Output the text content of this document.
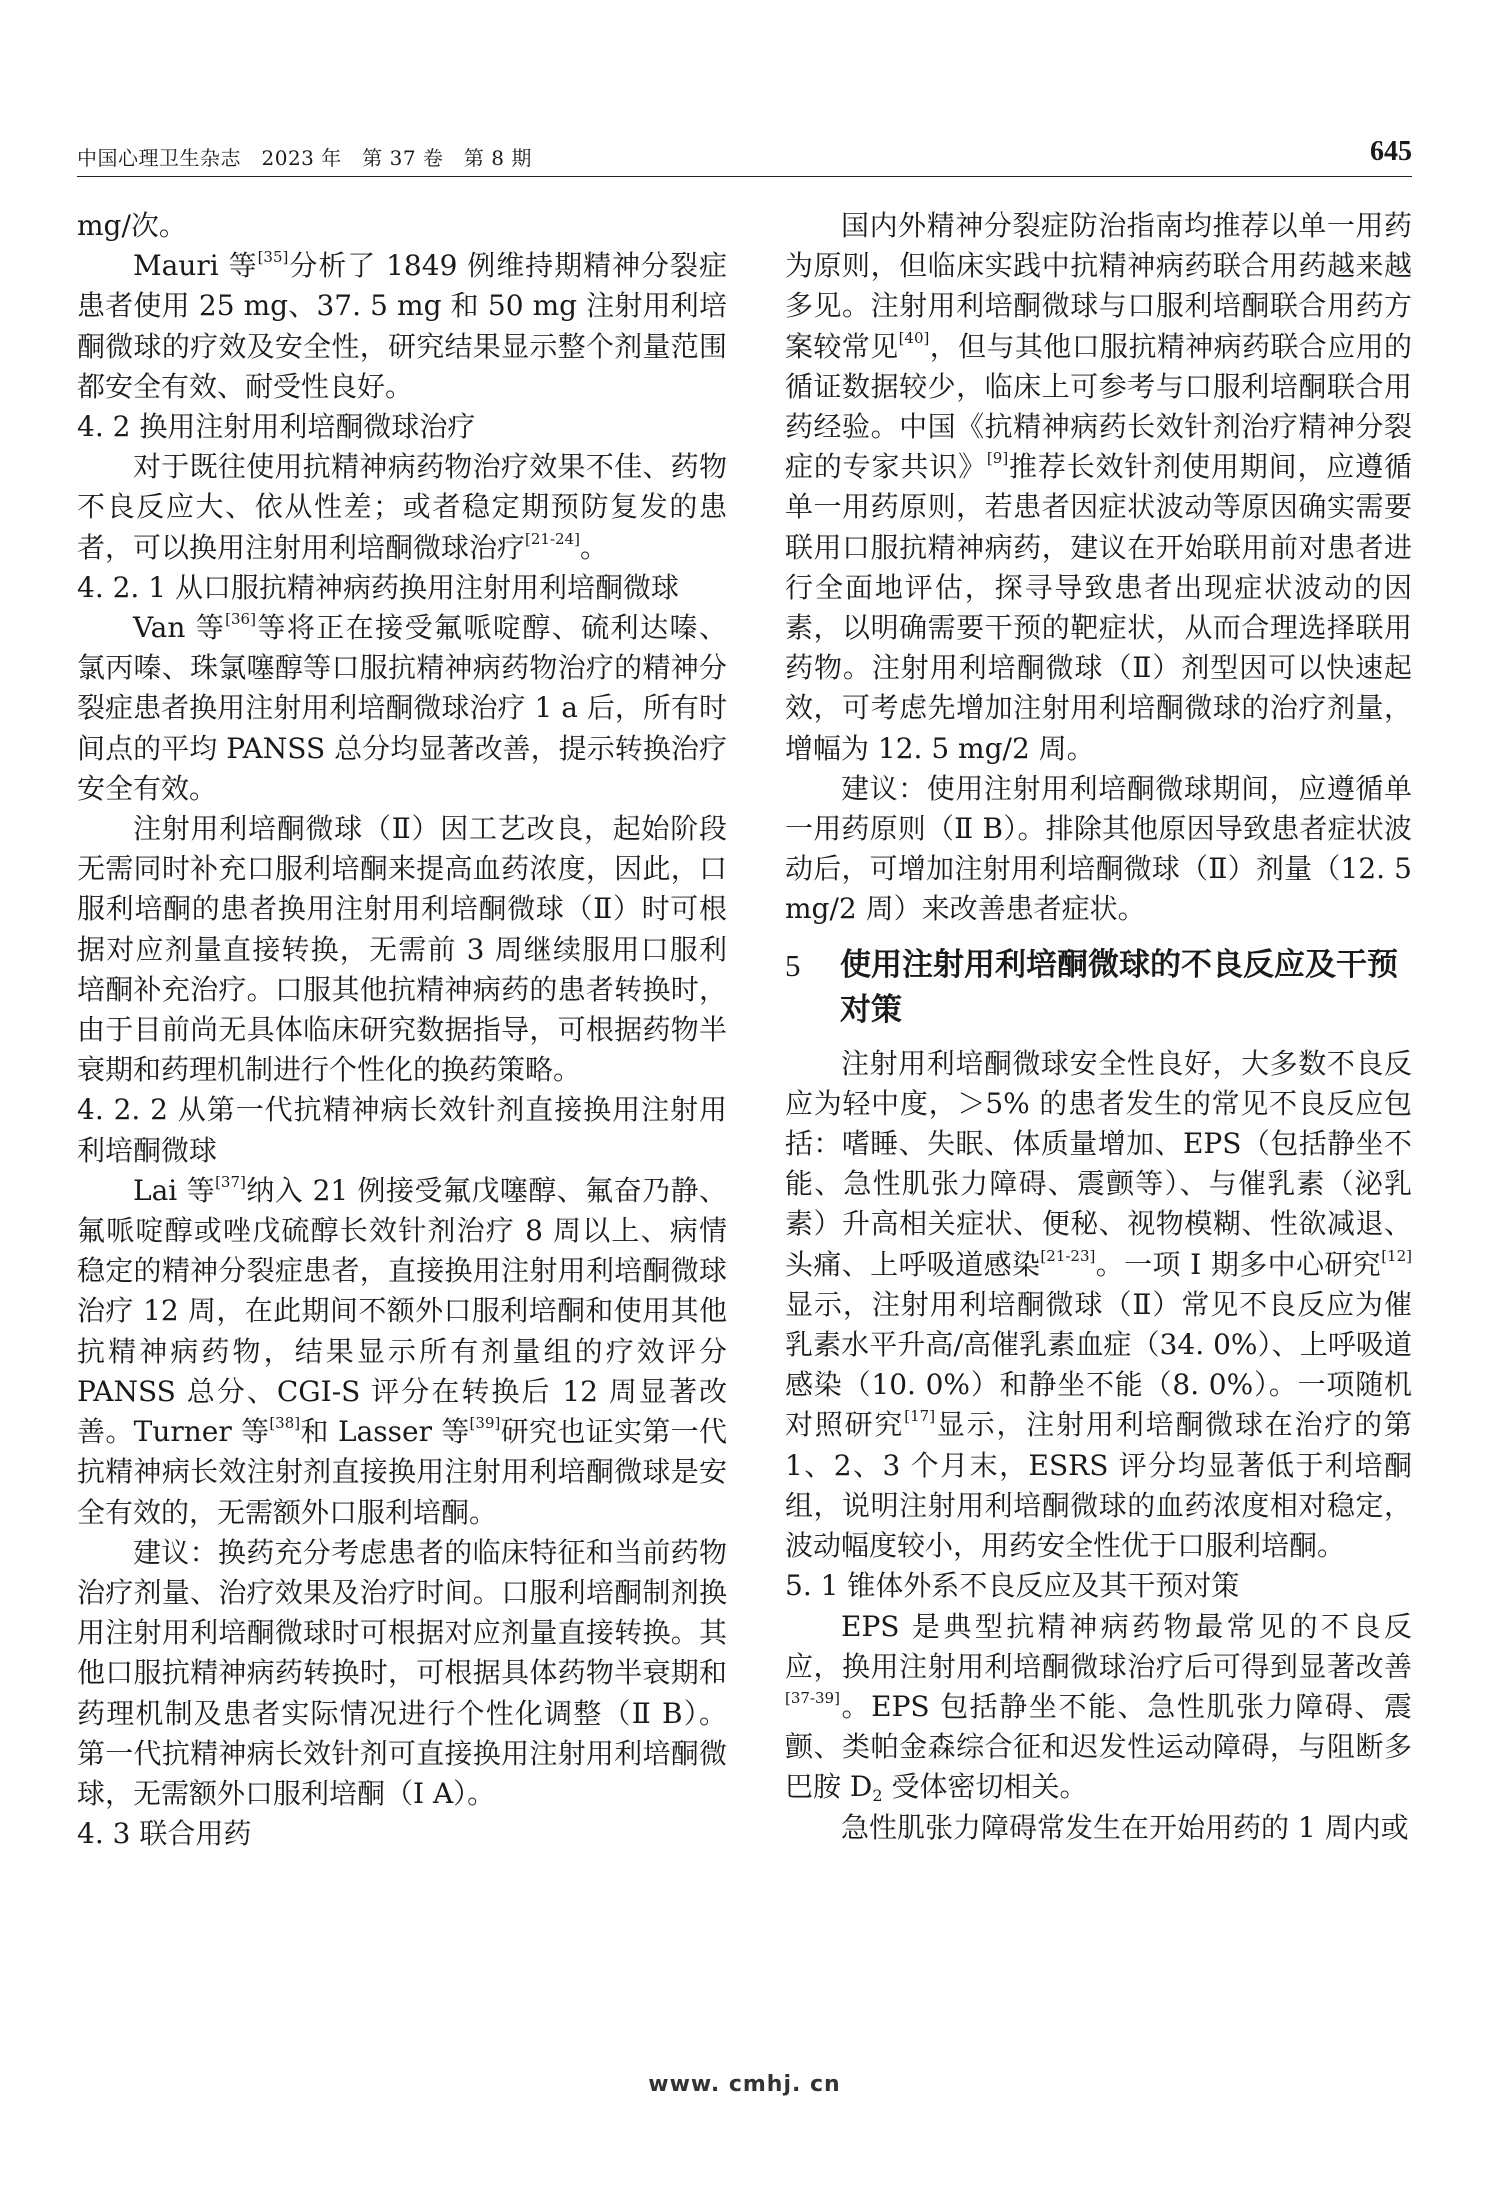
中国心理卫生杂志　2023 年　第 37 卷　第 8 期	645

mg/次。

Mauri 等[35]分析了 1849 例维持期精神分裂症患者使用 25 mg、37. 5 mg 和 50 mg 注射用利培酮微球的疗效及安全性，研究结果显示整个剂量范围都安全有效、耐受性良好。

4. 2 换用注射用利培酮微球治疗

对于既往使用抗精神病药物治疗效果不佳、药物不良反应大、依从性差；或者稳定期预防复发的患者，可以换用注射用利培酮微球治疗[21-24]。

4. 2. 1 从口服抗精神病药换用注射用利培酮微球

Van 等[36]等将正在接受氟哌啶醇、硫利达嗪、氯丙嗪、珠氯噻醇等口服抗精神病药物治疗的精神分裂症患者换用注射用利培酮微球治疗 1 a 后，所有时间点的平均 PANSS 总分均显著改善，提示转换治疗安全有效。

注射用利培酮微球（Ⅱ）因工艺改良，起始阶段无需同时补充口服利培酮来提高血药浓度，因此，口服利培酮的患者换用注射用利培酮微球（Ⅱ）时可根据对应剂量直接转换，无需前 3 周继续服用口服利培酮补充治疗。口服其他抗精神病药的患者转换时，由于目前尚无具体临床研究数据指导，可根据药物半衰期和药理机制进行个性化的换药策略。

4. 2. 2 从第一代抗精神病长效针剂直接换用注射用利培酮微球

Lai 等[37]纳入 21 例接受氟戊噻醇、氟奋乃静、氟哌啶醇或唑戊硫醇长效针剂治疗 8 周以上、病情稳定的精神分裂症患者，直接换用注射用利培酮微球治疗 12 周，在此期间不额外口服利培酮和使用其他抗精神病药物，结果显示所有剂量组的疗效评分 PANSS 总分、CGI-S 评分在转换后 12 周显著改善。Turner 等[38]和 Lasser 等[39]研究也证实第一代抗精神病长效注射剂直接换用注射用利培酮微球是安全有效的，无需额外口服利培酮。

建议：换药充分考虑患者的临床特征和当前药物治疗剂量、治疗效果及治疗时间。口服利培酮制剂换用注射用利培酮微球时可根据对应剂量直接转换。其他口服抗精神病药转换时，可根据具体药物半衰期和药理机制及患者实际情况进行个性化调整（Ⅱ B）。第一代抗精神病长效针剂可直接换用注射用利培酮微球，无需额外口服利培酮（Ⅰ A）。

4. 3 联合用药

国内外精神分裂症防治指南均推荐以单一用药为原则，但临床实践中抗精神病药联合用药越来越多见。注射用利培酮微球与口服利培酮联合用药方案较常见[40]，但与其他口服抗精神病药联合应用的循证数据较少，临床上可参考与口服利培酮联合用药经验。中国《抗精神病药长效针剂治疗精神分裂症的专家共识》[9]推荐长效针剂使用期间，应遵循单一用药原则，若患者因症状波动等原因确实需要联用口服抗精神病药，建议在开始联用前对患者进行全面地评估，探寻导致患者出现症状波动的因素，以明确需要干预的靶症状，从而合理选择联用药物。注射用利培酮微球（Ⅱ）剂型因可以快速起效，可考虑先增加注射用利培酮微球的治疗剂量，增幅为 12. 5 mg/2 周。

建议：使用注射用利培酮微球期间，应遵循单一用药原则（Ⅱ B）。排除其他原因导致患者症状波动后，可增加注射用利培酮微球（Ⅱ）剂量（12. 5 mg/2 周）来改善患者症状。

5	使用注射用利培酮微球的不良反应及干预对策

注射用利培酮微球安全性良好，大多数不良反应为轻中度，＞5% 的患者发生的常见不良反应包括：嗜睡、失眠、体质量增加、EPS（包括静坐不能、急性肌张力障碍、震颤等）、与催乳素（泌乳素）升高相关症状、便秘、视物模糊、性欲减退、头痛、上呼吸道感染[21-23]。一项 Ⅰ 期多中心研究[12]显示，注射用利培酮微球（Ⅱ）常见不良反应为催乳素水平升高/高催乳素血症（34. 0%）、上呼吸道感染（10. 0%）和静坐不能（8. 0%）。一项随机对照研究[17]显示，注射用利培酮微球在治疗的第 1、2、3 个月末，ESRS 评分均显著低于利培酮组，说明注射用利培酮微球的血药浓度相对稳定，波动幅度较小，用药安全性优于口服利培酮。

5. 1 锥体外系不良反应及其干预对策

EPS 是典型抗精神病药物最常见的不良反应，换用注射用利培酮微球治疗后可得到显著改善[37-39]。EPS 包括静坐不能、急性肌张力障碍、震颤、类帕金森综合征和迟发性运动障碍，与阻断多巴胺 $D_2$ 受体密切相关。

急性肌张力障碍常发生在开始用药的 1 周内或

www. cmhj. cn
